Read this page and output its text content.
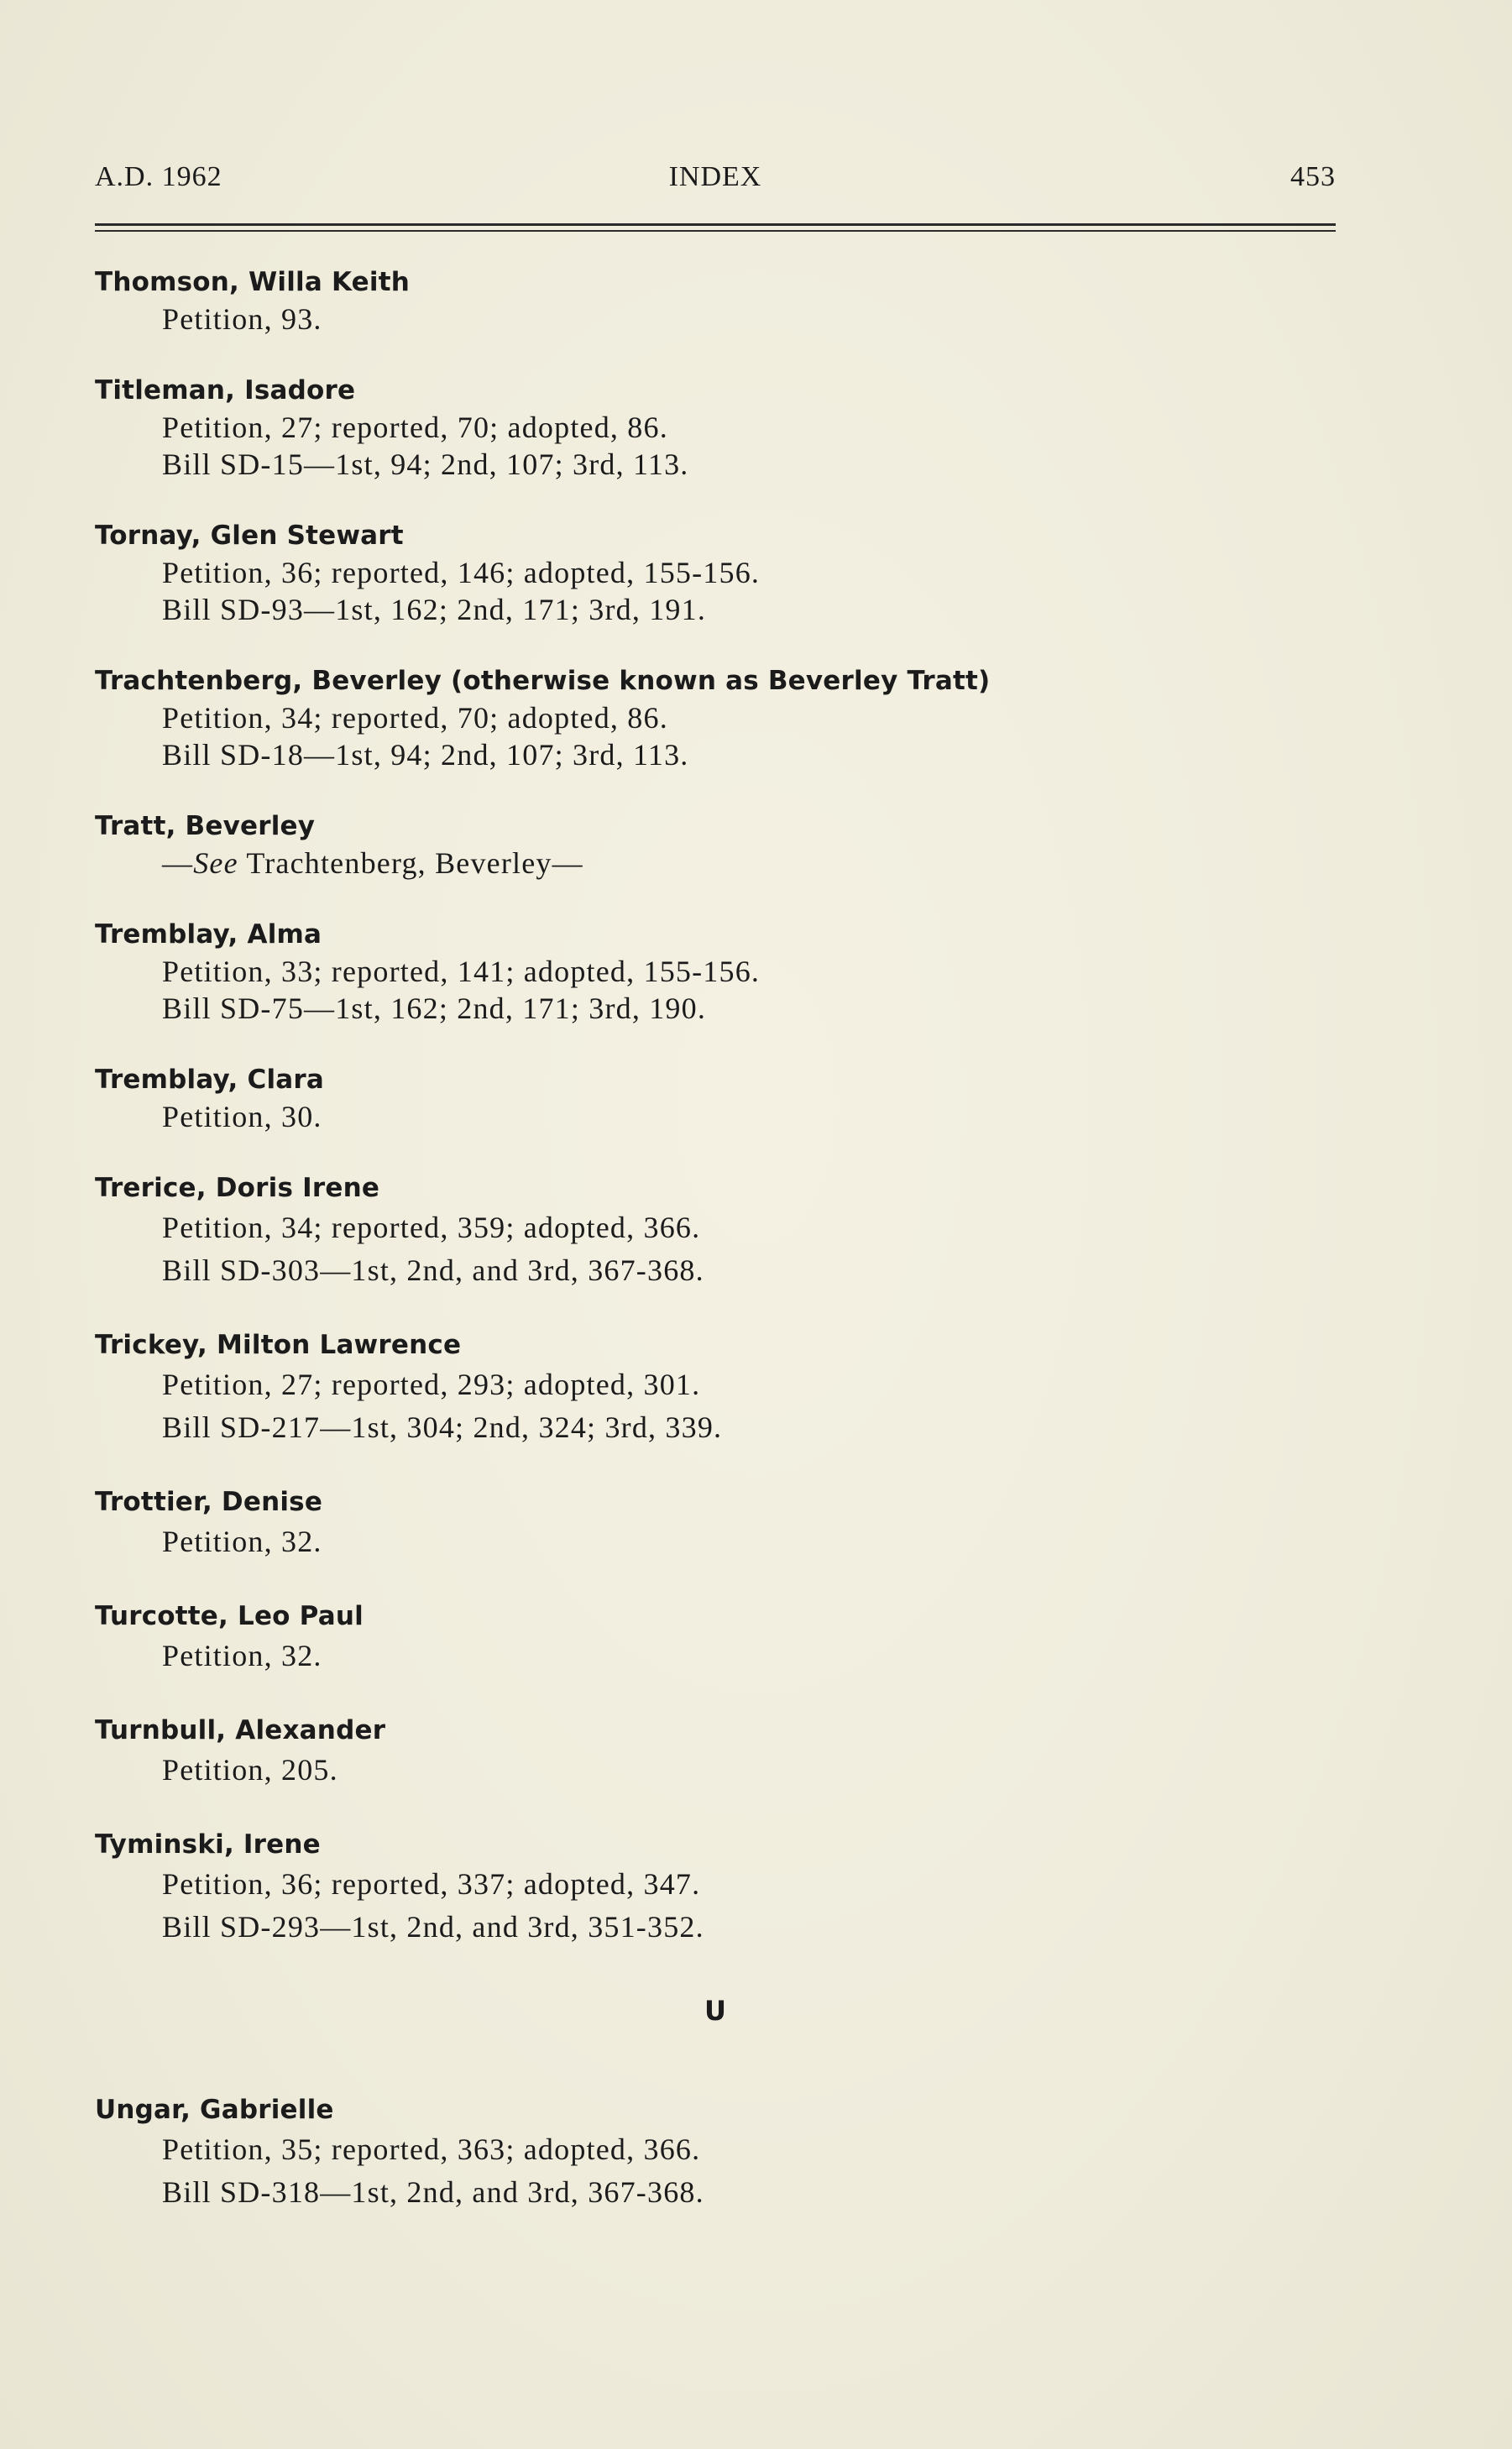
A.D. 1962	INDEX	453
Thomson, Willa Keith
Petition, 93.
Titleman, Isadore
Petition, 27; reported, 70; adopted, 86.
Bill SD-15—1st, 94; 2nd, 107; 3rd, 113.
Tornay, Glen Stewart
Petition, 36; reported, 146; adopted, 155-156.
Bill SD-93—1st, 162; 2nd, 171; 3rd, 191.
Trachtenberg, Beverley (otherwise known as Beverley Tratt)
Petition, 34; reported, 70; adopted, 86.
Bill SD-18—1st, 94; 2nd, 107; 3rd, 113.
Tratt, Beverley
—See Trachtenberg, Beverley—
Tremblay, Alma
Petition, 33; reported, 141; adopted, 155-156.
Bill SD-75—1st, 162; 2nd, 171; 3rd, 190.
Tremblay, Clara
Petition, 30.
Trerice, Doris Irene
Petition, 34; reported, 359; adopted, 366.
Bill SD-303—1st, 2nd, and 3rd, 367-368.
Trickey, Milton Lawrence
Petition, 27; reported, 293; adopted, 301.
Bill SD-217—1st, 304; 2nd, 324; 3rd, 339.
Trottier, Denise
Petition, 32.
Turcotte, Leo Paul
Petition, 32.
Turnbull, Alexander
Petition, 205.
Tyminski, Irene
Petition, 36; reported, 337; adopted, 347.
Bill SD-293—1st, 2nd, and 3rd, 351-352.
U
Ungar, Gabrielle
Petition, 35; reported, 363; adopted, 366.
Bill SD-318—1st, 2nd, and 3rd, 367-368.
